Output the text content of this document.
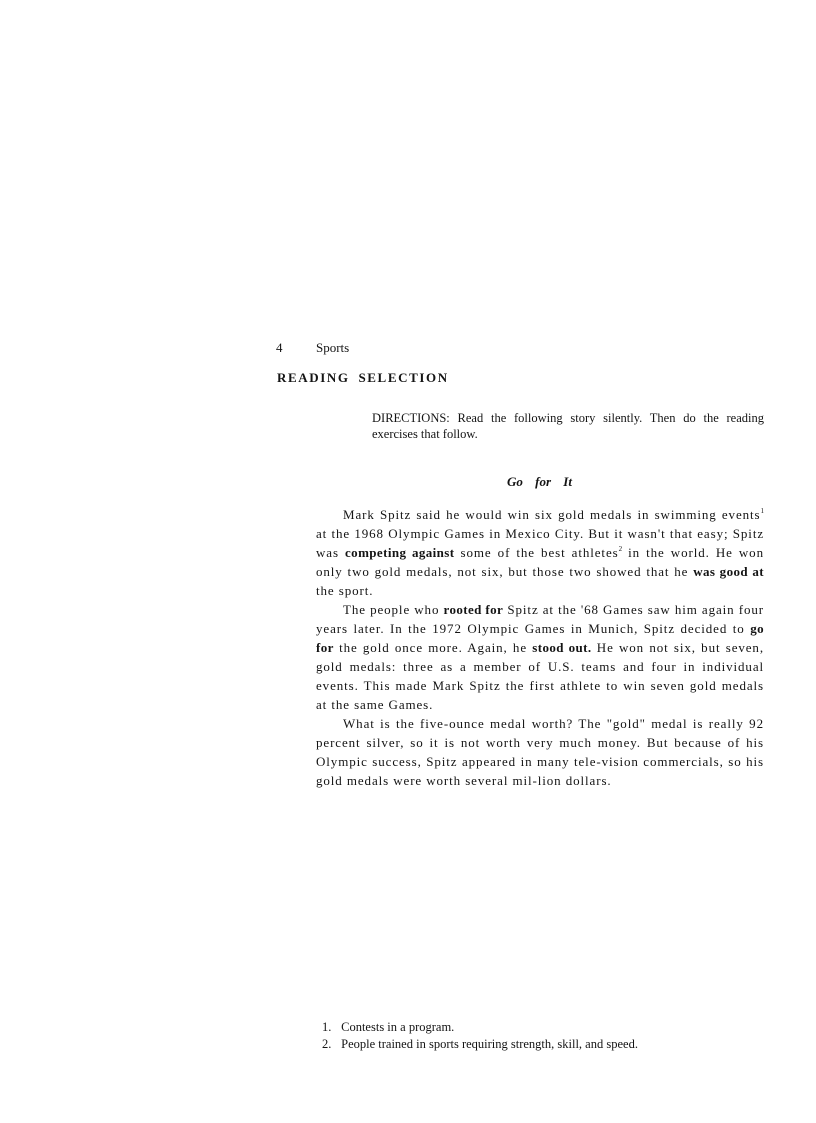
4	Sports
READING SELECTION
DIRECTIONS: Read the following story silently. Then do the reading exercises that follow.
Go for It

Mark Spitz said he would win six gold medals in swimming events$^1$ at the 1968 Olympic Games in Mexico City. But it wasn't that easy; Spitz was competing against some of the best athletes$^2$ in the world. He won only two gold medals, not six, but those two showed that he was good at the sport.

The people who rooted for Spitz at the '68 Games saw him again four years later. In the 1972 Olympic Games in Munich, Spitz decided to go for the gold once more. Again, he stood out. He won not six, but seven, gold medals: three as a member of U.S. teams and four in individual events. This made Mark Spitz the first athlete to win seven gold medals at the same Games.

What is the five-ounce medal worth? The "gold" medal is really 92 percent silver, so it is not worth very much money. But because of his Olympic success, Spitz appeared in many tele-vision commercials, so his gold medals were worth several mil-lion dollars.

1. Contests in a program.
2. People trained in sports requiring strength, skill, and speed.
